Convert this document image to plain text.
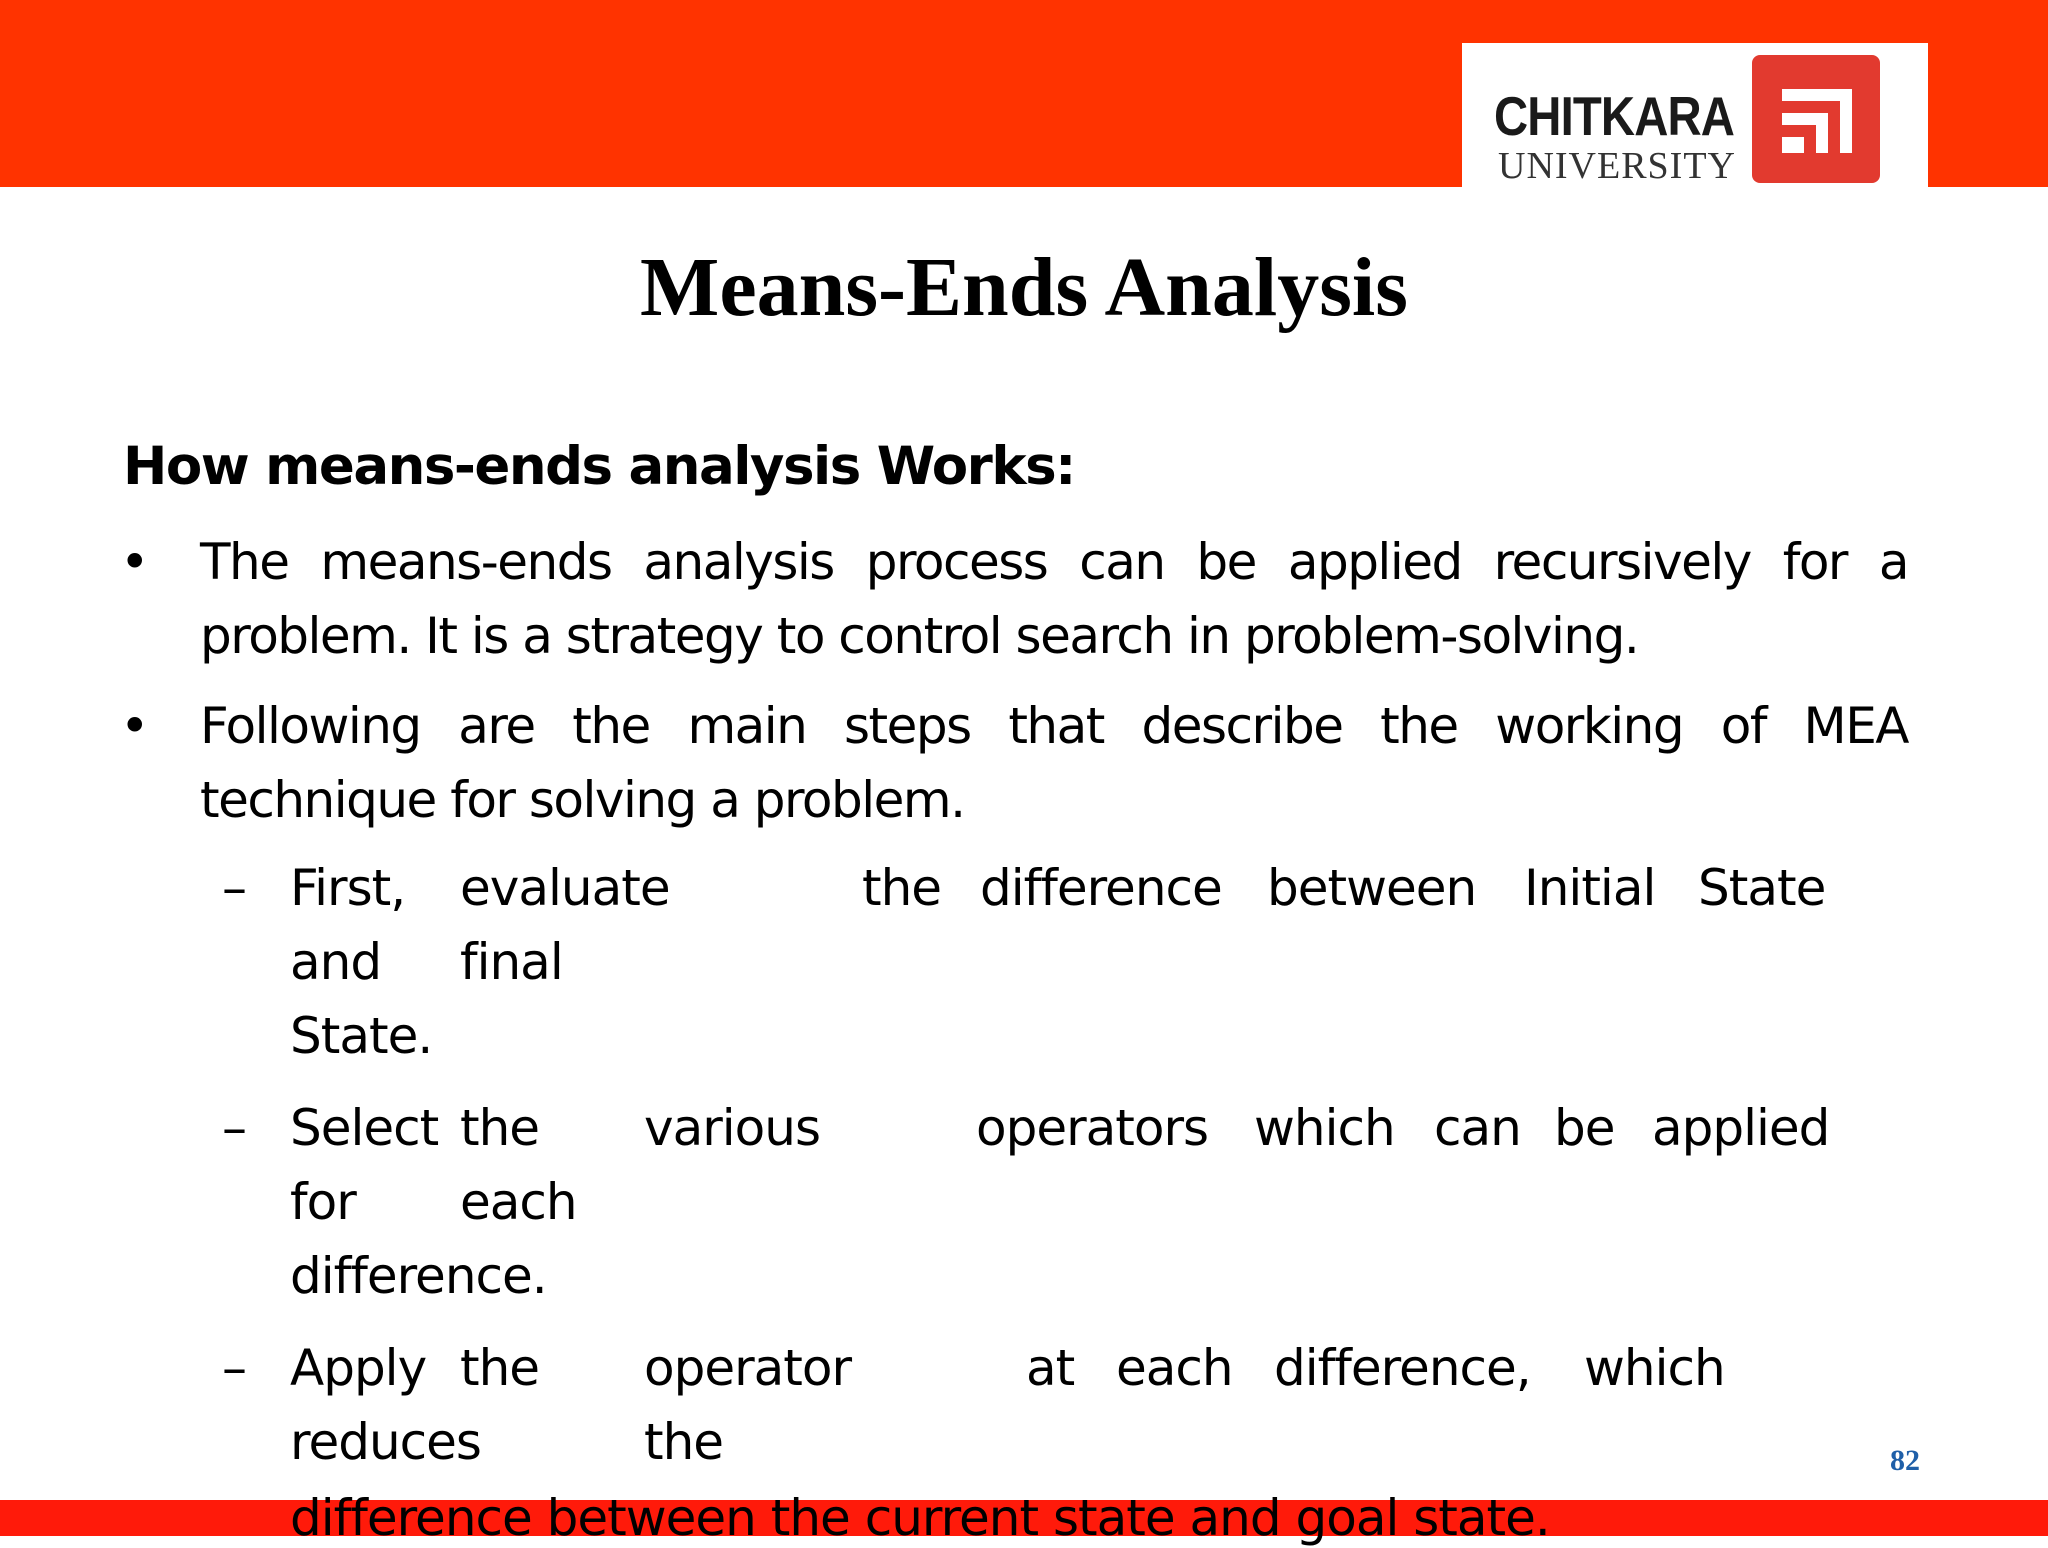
CHITKARA
UNIVERSITY
Means-Ends Analysis
How means-ends analysis Works:
• The means-ends analysis process can be applied recursively for a problem. It is a strategy to control search in problem-solving.
• Following are the main steps that describe the working of MEA technique for solving a problem.
– First, evaluate	the difference between Initial State
and final
State.
– Select the various	operators which can be applied
for each
difference.
– Apply the operator	at each difference, which
reduces	the
difference between the current state and goal state.
82
